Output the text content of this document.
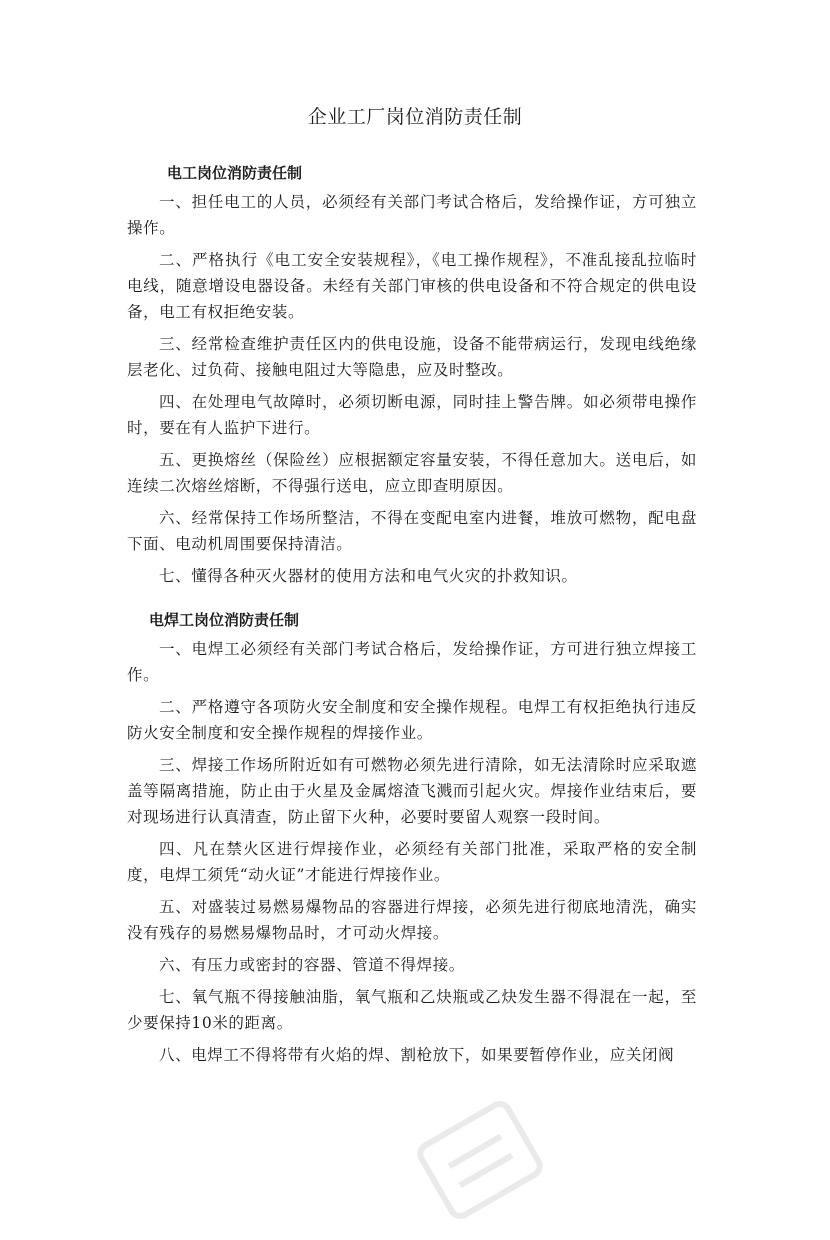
企业工厂岗位消防责任制
电工岗位消防责任制

一、担任电工的人员，必须经有关部门考试合格后，发给操作证，方可独立操作。

二、严格执行《电工安全安装规程》，《电工操作规程》，不准乱接乱拉临时电线，随意增设电器设备。未经有关部门审核的供电设备和不符合规定的供电设备，电工有权拒绝安装。

三、经常检查维护责任区内的供电设施，设备不能带病运行，发现电线绝缘层老化、过负荷、接触电阻过大等隐患，应及时整改。

四、在处理电气故障时，必须切断电源，同时挂上警告牌。如必须带电操作时，要在有人监护下进行。

五、更换熔丝（保险丝）应根据额定容量安装，不得任意加大。送电后，如连续二次熔丝熔断，不得强行送电，应立即查明原因。

六、经常保持工作场所整洁，不得在变配电室内进餐，堆放可燃物，配电盘下面、电动机周围要保持清洁。

七、懂得各种灭火器材的使用方法和电气火灾的扑救知识。

电焊工岗位消防责任制

一、电焊工必须经有关部门考试合格后，发给操作证，方可进行独立焊接工作。

二、严格遵守各项防火安全制度和安全操作规程。电焊工有权拒绝执行违反防火安全制度和安全操作规程的焊接作业。

三、焊接工作场所附近如有可燃物必须先进行清除，如无法清除时应采取遮盖等隔离措施，防止由于火星及金属熔渣飞溅而引起火灾。焊接作业结束后，要对现场进行认真清查，防止留下火种，必要时要留人观察一段时间。

四、凡在禁火区进行焊接作业，必须经有关部门批准，采取严格的安全制度，电焊工须凭“动火证”才能进行焊接作业。

五、对盛装过易燃易爆物品的容器进行焊接，必须先进行彻底地清洗，确实没有残存的易燃易爆物品时，才可动火焊接。

六、有压力或密封的容器、管道不得焊接。

七、氧气瓶不得接触油脂，氧气瓶和乙炔瓶或乙炔发生器不得混在一起，至少要保持10米的距离。

八、电焊工不得将带有火焰的焊、割枪放下，如果要暂停作业，应关闭阀
